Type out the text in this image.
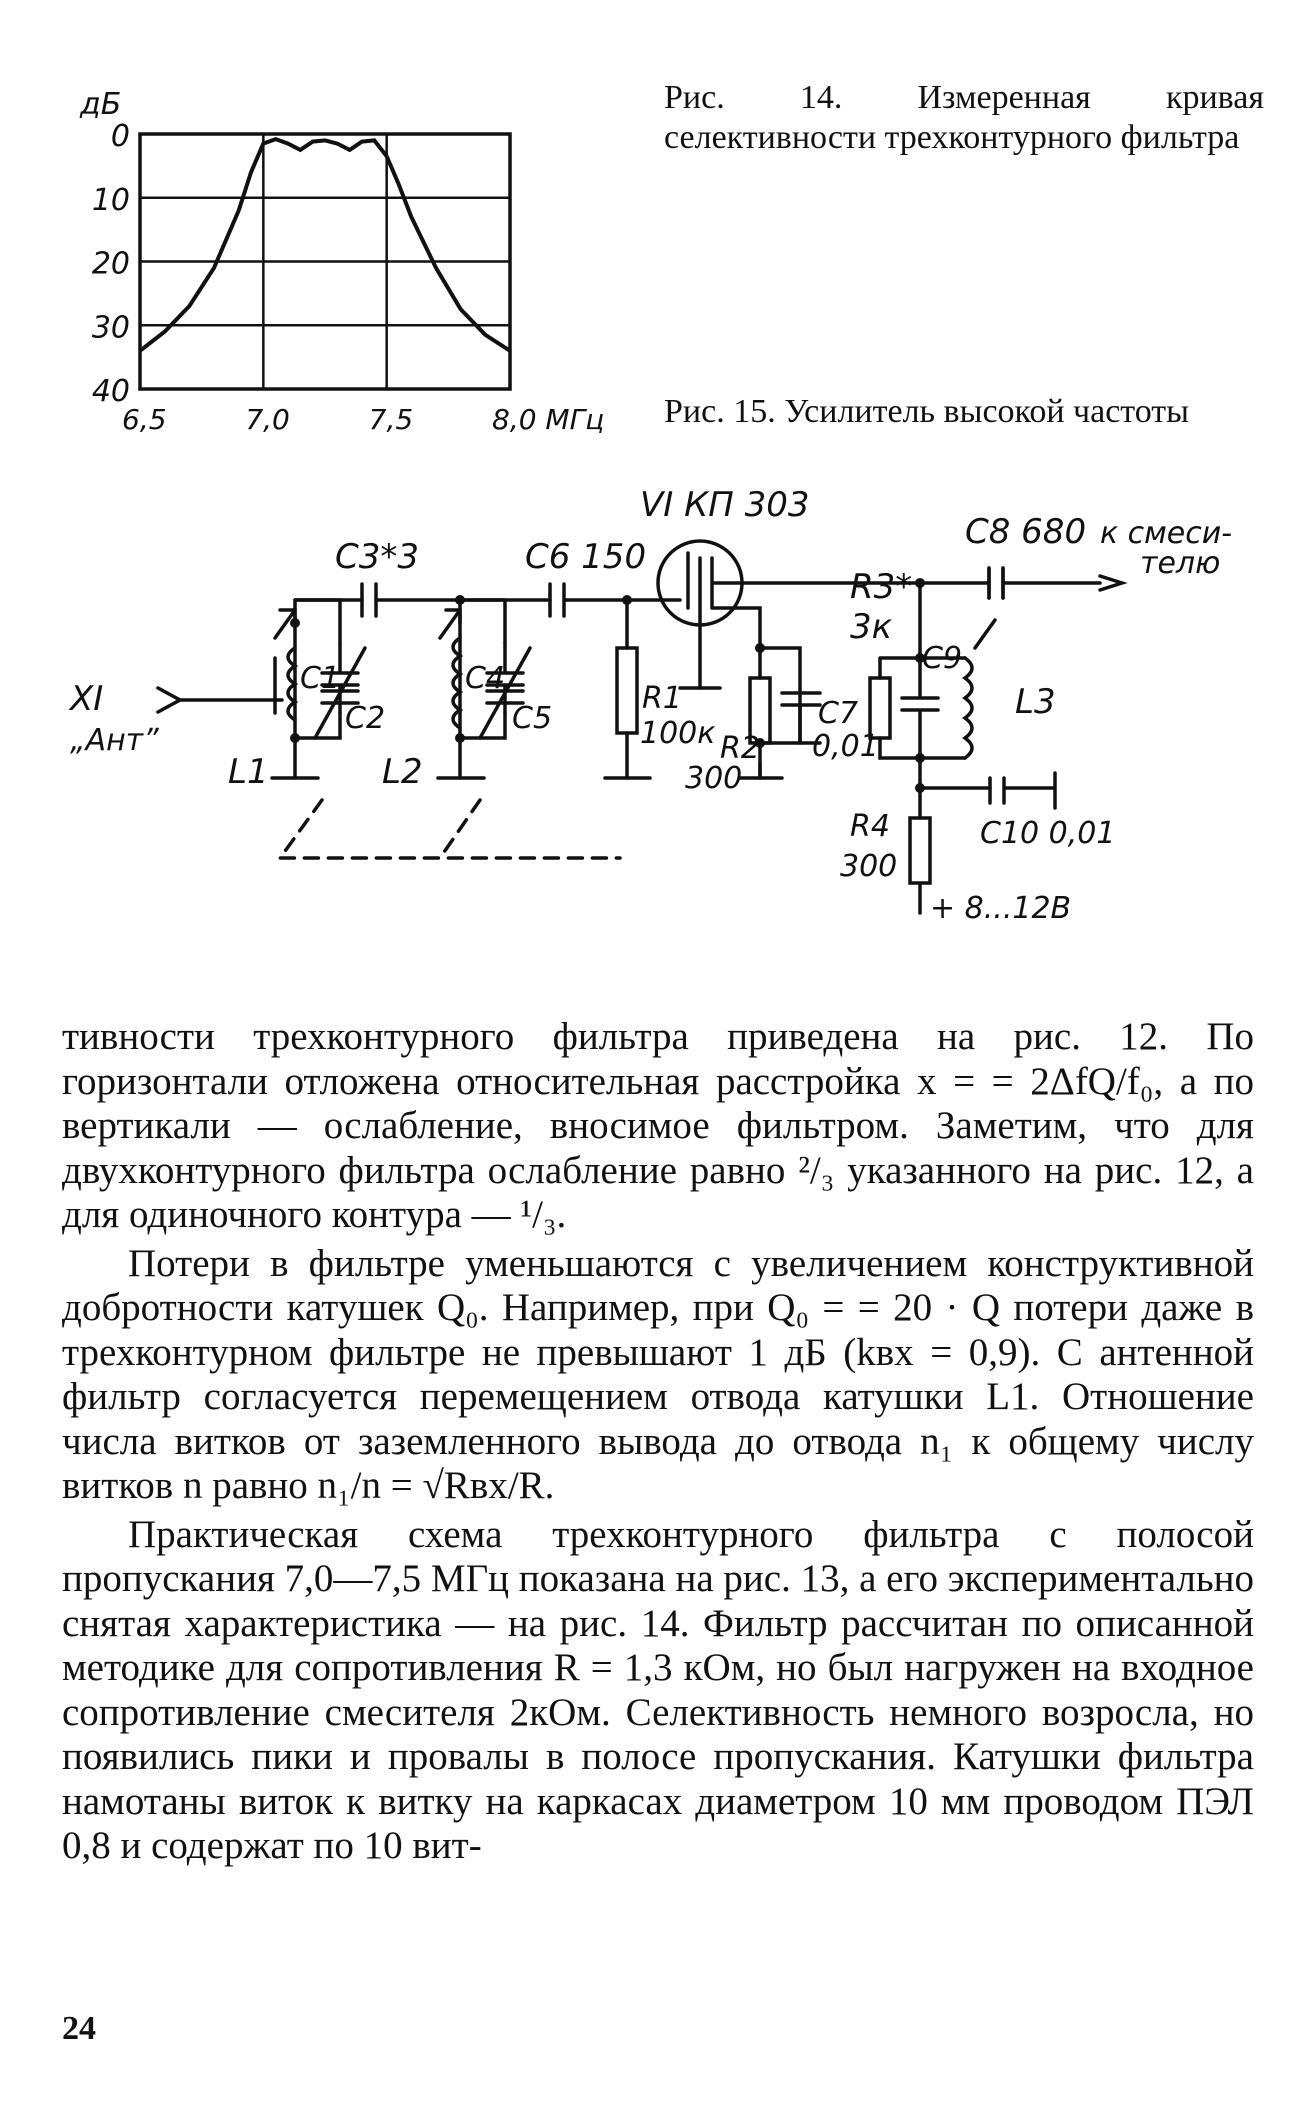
0
10
20
30
40
6,5	7,0	7,5	8,0 МГц
дБ	Рис. 14. Измеренная кривая селективности трехконтурного фильтра
Рис. 15. Усилитель высокой частоты
VI КП 303
С3*3	С6 150
С8 680 к смеси-
телю
R3*
3к
С1
С2
С4
С5
R1
100к R2
300
С7
0,01
С9
L3
XI
„Ант”
L1	L2
R4
300
С10 0,01
+ 8...12В

тивности трехконтурного фильтра приведена на рис. 12. По горизонтали отложена относительная расстройка x = = 2ΔfQ/f₀, а по вертикали — ослабление, вносимое фильтром. Заметим, что для двухконтурного фильтра ослабление равно ²/₃ указанного на рис. 12, а для одиночного контура — ¹/₃.

Потери в фильтре уменьшаются с увеличением конструктивной добротности катушек Q₀. Например, при Q₀ = = 20 · Q потери даже в трехконтурном фильтре не превышают 1 дБ (kвх = 0,9). С антенной фильтр согласуется перемещением отвода катушки L1. Отношение числа витков от заземленного вывода до отвода n₁ к общему числу витков n равно n₁/n = √Rвх/R.

Практическая схема трехконтурного фильтра с полосой пропускания 7,0—7,5 МГц показана на рис. 13, а его экспериментально снятая характеристика — на рис. 14. Фильтр рассчитан по описанной методике для сопротивления R = 1,3 кОм, но был нагружен на входное сопротивление смесителя 2кОм. Селективность немного возросла, но появились пики и провалы в полосе пропускания. Катушки фильтра намотаны виток к витку на каркасах диаметром 10 мм проводом ПЭЛ 0,8 и содержат по 10 вит-

24
